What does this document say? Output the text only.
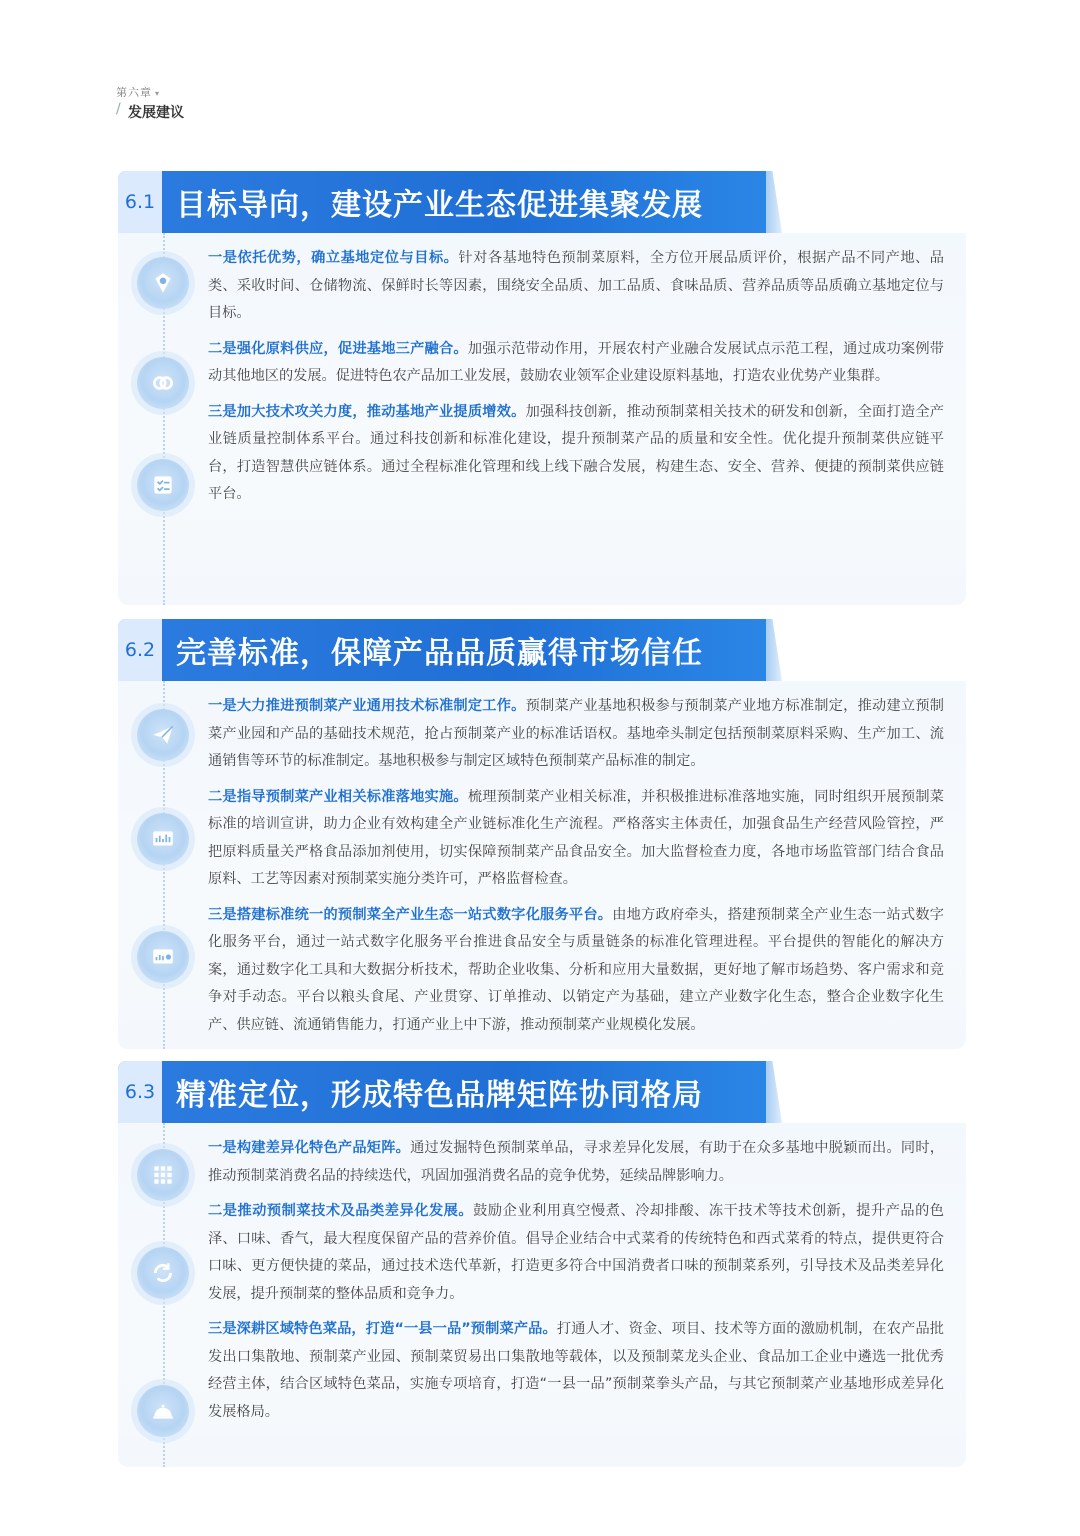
第六章 ▾
/ 发展建议
6.1 目标导向，建设产业生态促进集聚发展
一是依托优势，确立基地定位与目标。针对各基地特色预制菜原料，全方位开展品质评价，根据产品不同产地、品类、采收时间、仓储物流、保鲜时长等因素，围绕安全品质、加工品质、食味品质、营养品质等品质确立基地定位与目标。
二是强化原料供应，促进基地三产融合。加强示范带动作用，开展农村产业融合发展试点示范工程，通过成功案例带动其他地区的发展。促进特色农产品加工业发展，鼓励农业领军企业建设原料基地，打造农业优势产业集群。
三是加大技术攻关力度，推动基地产业提质增效。加强科技创新，推动预制菜相关技术的研发和创新，全面打造全产业链质量控制体系平台。通过科技创新和标准化建设，提升预制菜产品的质量和安全性。优化提升预制菜供应链平台，打造智慧供应链体系。通过全程标准化管理和线上线下融合发展，构建生态、安全、营养、便捷的预制菜供应链平台。
6.2 完善标准，保障产品品质赢得市场信任
一是大力推进预制菜产业通用技术标准制定工作。预制菜产业基地积极参与预制菜产业地方标准制定，推动建立预制菜产业园和产品的基础技术规范，抢占预制菜产业的标准话语权。基地牵头制定包括预制菜原料采购、生产加工、流通销售等环节的标准制定。基地积极参与制定区域特色预制菜产品标准的制定。
二是指导预制菜产业相关标准落地实施。梳理预制菜产业相关标准，并积极推进标准落地实施，同时组织开展预制菜标准的培训宣讲，助力企业有效构建全产业链标准化生产流程。严格落实主体责任，加强食品生产经营风险管控，严把原料质量关严格食品添加剂使用，切实保障预制菜产品食品安全。加大监督检查力度，各地市场监管部门结合食品原料、工艺等因素对预制菜实施分类许可，严格监督检查。
三是搭建标准统一的预制菜全产业生态一站式数字化服务平台。由地方政府牵头，搭建预制菜全产业生态一站式数字化服务平台，通过一站式数字化服务平台推进食品安全与质量链条的标准化管理进程。平台提供的智能化的解决方案，通过数字化工具和大数据分析技术，帮助企业收集、分析和应用大量数据，更好地了解市场趋势、客户需求和竞争对手动态。平台以粮头食尾、产业贯穿、订单推动、以销定产为基础，建立产业数字化生态，整合企业数字化生产、供应链、流通销售能力，打通产业上中下游，推动预制菜产业规模化发展。
6.3 精准定位，形成特色品牌矩阵协同格局
一是构建差异化特色产品矩阵。通过发掘特色预制菜单品，寻求差异化发展，有助于在众多基地中脱颖而出。同时，推动预制菜消费名品的持续迭代，巩固加强消费名品的竞争优势，延续品牌影响力。
二是推动预制菜技术及品类差异化发展。鼓励企业利用真空慢煮、冷却排酸、冻干技术等技术创新，提升产品的色泽、口味、香气，最大程度保留产品的营养价值。倡导企业结合中式菜肴的传统特色和西式菜肴的特点，提供更符合口味、更方便快捷的菜品，通过技术迭代革新，打造更多符合中国消费者口味的预制菜系列，引导技术及品类差异化发展，提升预制菜的整体品质和竞争力。
三是深耕区域特色菜品，打造“一县一品”预制菜产品。打通人才、资金、项目、技术等方面的激励机制，在农产品批发出口集散地、预制菜产业园、预制菜贸易出口集散地等载体，以及预制菜龙头企业、食品加工企业中遴选一批优秀经营主体，结合区域特色菜品，实施专项培育，打造“一县一品”预制菜拳头产品，与其它预制菜产业基地形成差异化发展格局。
